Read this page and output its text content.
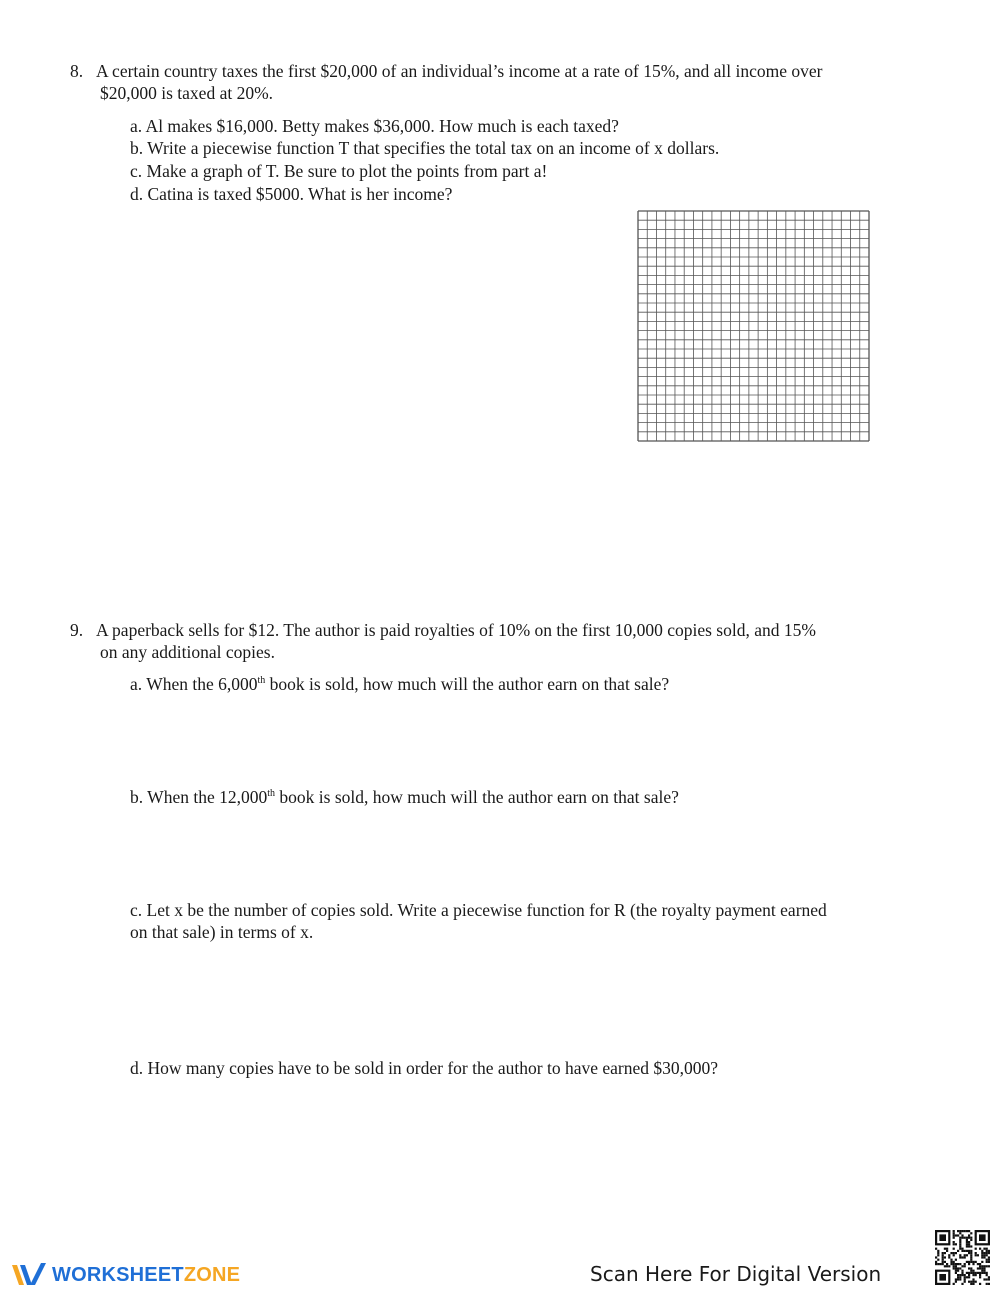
8. A certain country taxes the first $20,000 of an individual’s income at a rate of 15%, and all income over
$20,000 is taxed at 20%.
a. Al makes $16,000. Betty makes $36,000. How much is each taxed?
b. Write a piecewise function T that specifies the total tax on an income of x dollars.
c. Make a graph of T. Be sure to plot the points from part a!
d. Catina is taxed $5000. What is her income?
9. A paperback sells for $12. The author is paid royalties of 10% on the first 10,000 copies sold, and 15%
on any additional copies.
a. When the 6,000th book is sold, how much will the author earn on that sale?
b. When the 12,000th book is sold, how much will the author earn on that sale?
c. Let x be the number of copies sold. Write a piecewise function for R (the royalty payment earned
on that sale) in terms of x.
d. How many copies have to be sold in order for the author to have earned $30,000?
WORKSHEETZONE	Scan Here For Digital Version
